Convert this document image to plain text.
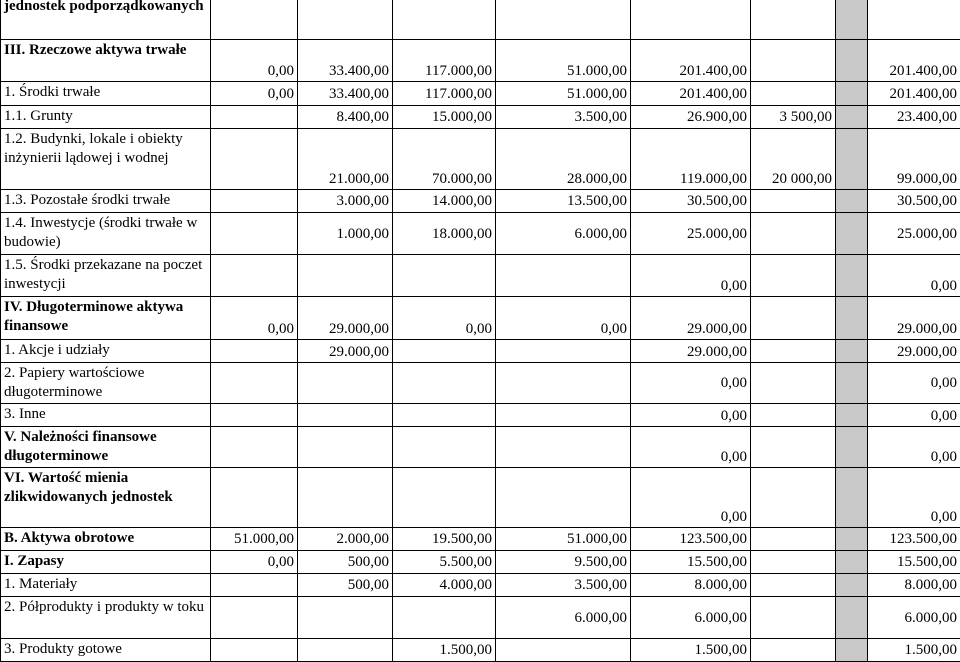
jednostek podporządkowanych								
III. Rzeczowe aktywa trwałe	0,00	33.400,00	117.000,00	51.000,00	201.400,00			201.400,00
1. Środki trwałe	0,00	33.400,00	117.000,00	51.000,00	201.400,00			201.400,00
1.1. Grunty		8.400,00	15.000,00	3.500,00	26.900,00	3 500,00		23.400,00
1.2. Budynki, lokale i obiekty inżynierii lądowej i wodnej		21.000,00	70.000,00	28.000,00	119.000,00	20 000,00		99.000,00
1.3. Pozostałe środki trwałe		3.000,00	14.000,00	13.500,00	30.500,00			30.500,00
1.4. Inwestycje (środki trwałe w budowie)		1.000,00	18.000,00	6.000,00	25.000,00			25.000,00
1.5. Środki przekazane na poczet inwestycji					0,00			0,00
IV. Długoterminowe aktywa finansowe	0,00	29.000,00	0,00	0,00	29.000,00			29.000,00
1. Akcje i udziały		29.000,00			29.000,00			29.000,00
2. Papiery wartościowe długoterminowe					0,00			0,00
3. Inne					0,00			0,00
V. Należności finansowe długoterminowe					0,00			0,00
VI. Wartość mienia zlikwidowanych jednostek					0,00			0,00
B. Aktywa obrotowe	51.000,00	2.000,00	19.500,00	51.000,00	123.500,00			123.500,00
I. Zapasy	0,00	500,00	5.500,00	9.500,00	15.500,00			15.500,00
1. Materiały		500,00	4.000,00	3.500,00	8.000,00			8.000,00
2. Półprodukty i produkty w toku				6.000,00	6.000,00			6.000,00
3. Produkty gotowe			1.500,00		1.500,00			1.500,00
